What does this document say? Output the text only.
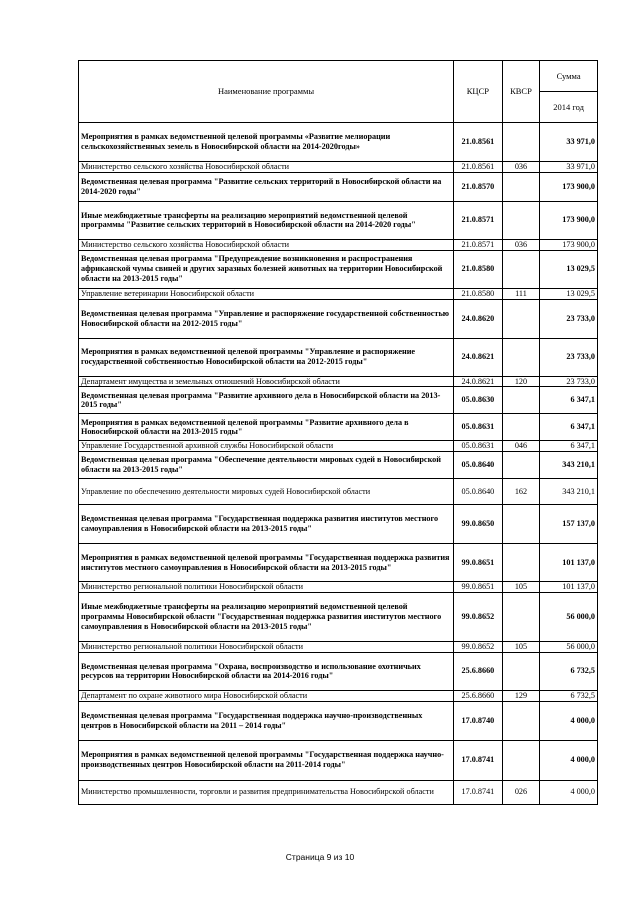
Наименование программы	КЦСР	КВСР	Сумма
			2014 год
Мероприятия в рамках ведомственной целевой программы «Развитие мелиорации сельскохозяйственных земель в Новосибирской области на 2014-2020годы»	21.0.8561		33 971,0
Министерство сельского хозяйства Новосибирской области	21.0.8561	036	33 971,0
Ведомственная целевая программа "Развитие сельских территорий в Новосибирской области на 2014-2020 годы"	21.0.8570		173 900,0
Иные межбюджетные трансферты на реализацию мероприятий ведомственной целевой программы "Развитие сельских территорий в Новосибирской области на 2014-2020 годы"	21.0.8571		173 900,0
Министерство сельского хозяйства Новосибирской области	21.0.8571	036	173 900,0
Ведомственная целевая программа "Предупреждение возникновения и распространения африканской чумы свиней и других заразных болезней животных на территории Новосибирской области на 2013-2015 годы"	21.0.8580		13 029,5
Управление ветеринарии Новосибирской области	21.0.8580	111	13 029,5
Ведомственная целевая программа "Управление и распоряжение государственной собственностью Новосибирской области на 2012-2015 годы"	24.0.8620		23 733,0
Мероприятия в рамках ведомственной целевой программы "Управление и распоряжение государственной собственностью Новосибирской области на 2012-2015 годы"	24.0.8621		23 733,0
Департамент имущества и земельных отношений Новосибирской области	24.0.8621	120	23 733,0
Ведомственная целевая программа "Развитие архивного дела в Новосибирской области на 2013-2015 годы"	05.0.8630		6 347,1
Мероприятия в рамках ведомственной целевой программы "Развитие архивного дела в Новосибирской области на 2013-2015 годы"	05.0.8631		6 347,1
Управление Государственной архивной службы Новосибирской области	05.0.8631	046	6 347,1
Ведомственная целевая программа "Обеспечение деятельности мировых судей в Новосибирской области на 2013-2015 годы"	05.0.8640		343 210,1
Управление по обеспечению деятельности мировых судей Новосибирской области	05.0.8640	162	343 210,1
Ведомственная целевая программа "Государственная поддержка развития институтов местного самоуправления в Новосибирской области на 2013-2015 годы"	99.0.8650		157 137,0
Мероприятия в рамках ведомственной целевой программы "Государственная поддержка развития институтов местного самоуправления в Новосибирской области на 2013-2015 годы"	99.0.8651		101 137,0
Министерство региональной политики Новосибирской области	99.0.8651	105	101 137,0
Иные межбюджетные трансферты на реализацию мероприятий ведомственной целевой программы Новосибирской области "Государственная поддержка развития институтов местного самоуправления в Новосибирской области на 2013-2015 годы"	99.0.8652		56 000,0
Министерство региональной политики Новосибирской области	99.0.8652	105	56 000,0
Ведомственная целевая программа "Охрана, воспроизводство и использование охотничьих ресурсов на территории Новосибирской области на 2014-2016 годы"	25.6.8660		6 732,5
Департамент по охране животного мира Новосибирской области	25.6.8660	129	6 732,5
Ведомственная целевая программа "Государственная поддержка научно-производственных центров в Новосибирской области на 2011 – 2014 годы"	17.0.8740		4 000,0
Мероприятия в рамках ведомственной целевой программы "Государственная поддержка научно-производственных центров Новосибирской области на 2011-2014 годы"	17.0.8741		4 000,0
Министерство промышленности, торговли и развития предпринимательства Новосибирской области	17.0.8741	026	4 000,0
Страница 9 из 10
